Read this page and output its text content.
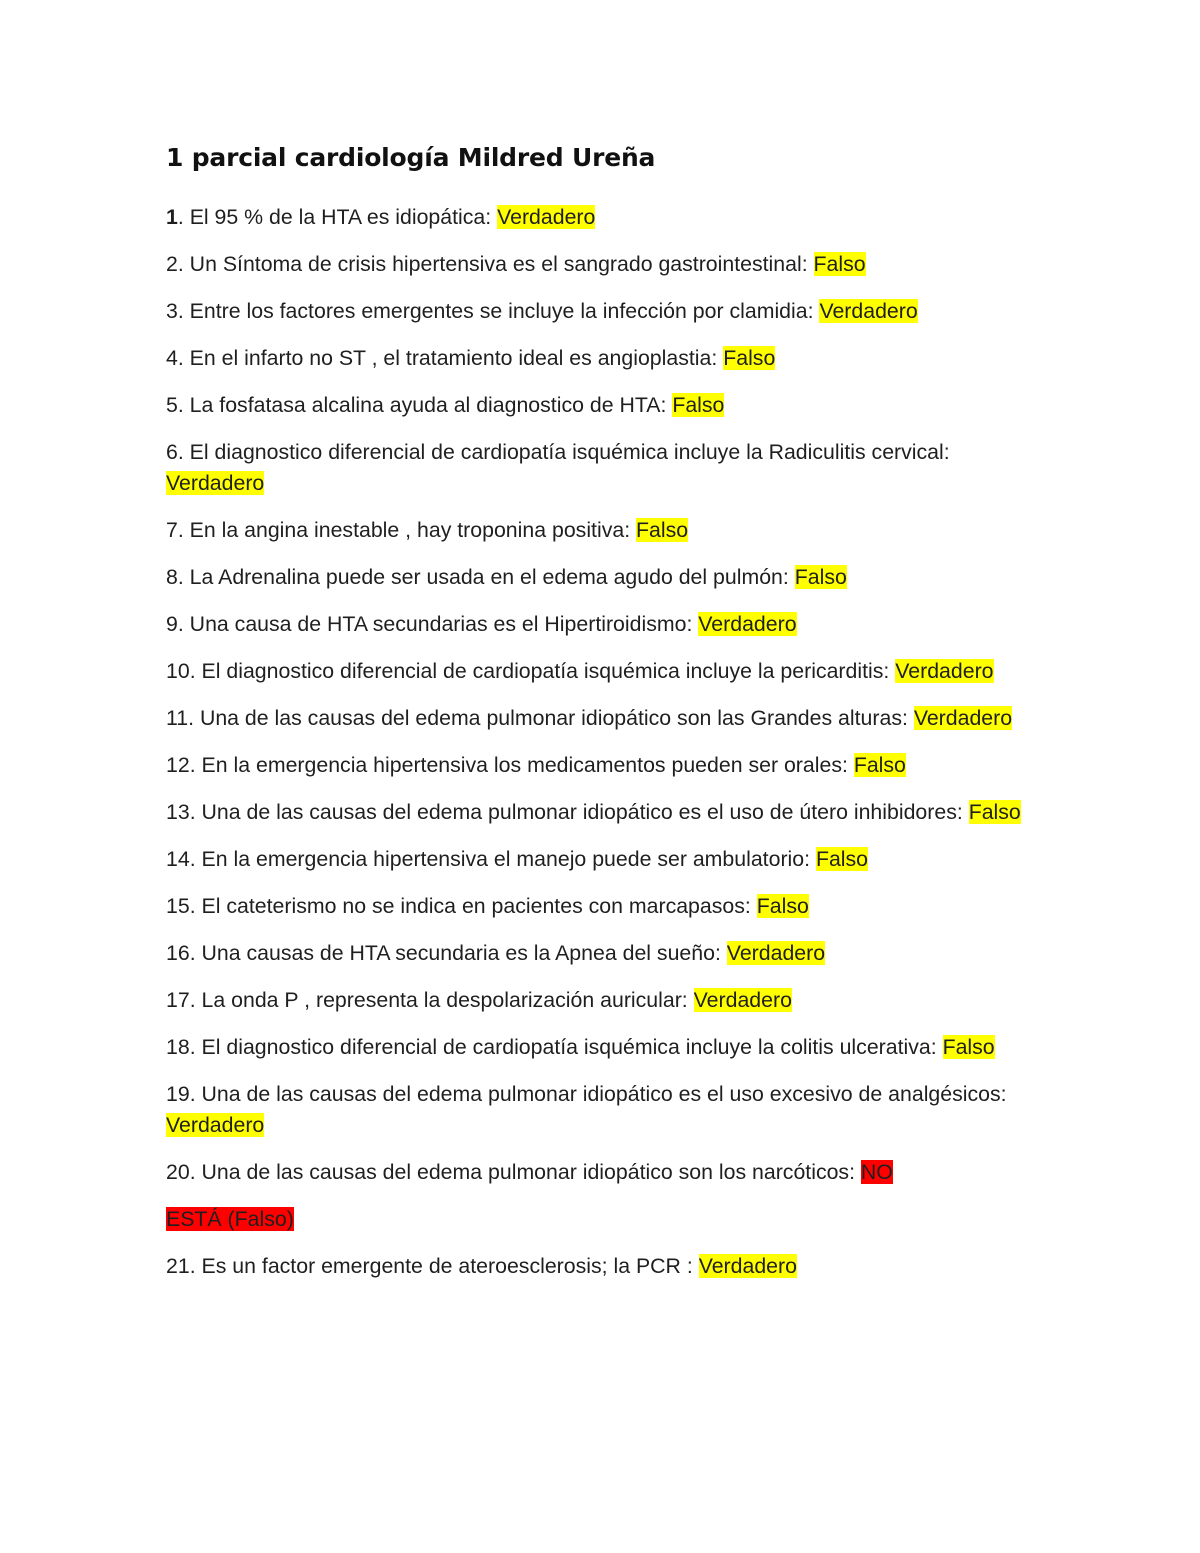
1 parcial cardiología Mildred Ureña
1. El 95 % de la HTA es idiopática: Verdadero
2. Un Síntoma de crisis hipertensiva es el sangrado gastrointestinal: Falso
3. Entre los factores emergentes se incluye la infección por clamidia: Verdadero
4. En el infarto no ST , el tratamiento ideal es angioplastia: Falso
5. La fosfatasa alcalina ayuda al diagnostico de HTA: Falso
6. El diagnostico diferencial de cardiopatía isquémica incluye la Radiculitis cervical: Verdadero
7. En la angina inestable , hay troponina positiva: Falso
8. La Adrenalina puede ser usada en el edema agudo del pulmón: Falso
9. Una causa de HTA secundarias es el Hipertiroidismo: Verdadero
10. El diagnostico diferencial de cardiopatía isquémica incluye la pericarditis: Verdadero
11. Una de las causas del edema pulmonar idiopático son las Grandes alturas: Verdadero
12. En la emergencia hipertensiva los medicamentos pueden ser orales: Falso
13. Una de las causas del edema pulmonar idiopático es el uso de útero inhibidores: Falso
14. En la emergencia hipertensiva el manejo puede ser ambulatorio: Falso
15. El cateterismo no se indica en pacientes con marcapasos: Falso
16. Una causas de HTA secundaria es la Apnea del sueño: Verdadero
17. La onda P , representa la despolarización auricular: Verdadero
18. El diagnostico diferencial de cardiopatía isquémica incluye la colitis ulcerativa: Falso
19. Una de las causas del edema pulmonar idiopático es el uso excesivo de analgésicos: Verdadero
20. Una de las causas del edema pulmonar idiopático son los narcóticos: NO
ESTÁ (Falso)
21. Es un factor emergente de ateroesclerosis; la PCR : Verdadero
